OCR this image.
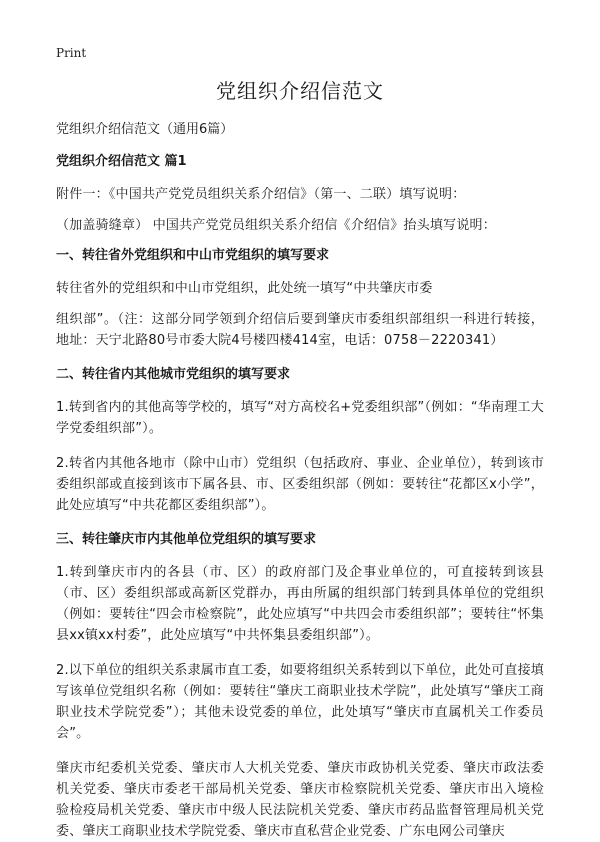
Print
党组织介绍信范文
党组织介绍信范文（通用6篇）
党组织介绍信范文 篇1

附件一：《中国共产党党员组织关系介绍信》（第一、二联）填写说明：

（加盖骑缝章） 中国共产党党员组织关系介绍信《介绍信》抬头填写说明：

一、转往省外党组织和中山市党组织的填写要求

转往省外的党组织和中山市党组织，此处统一填写“中共肇庆市委

组织部”。（注：这部分同学领到介绍信后要到肇庆市委组织部组织一科进行转接，地址：天宁北路80号市委大院4号楼四楼414室，电话：0758－2220341）

二、转往省内其他城市党组织的填写要求

1.转到省内的其他高等学校的，填写“对方高校名+党委组织部”（例如：“华南理工大学党委组织部”）。

2.转省内其他各地市（除中山市）党组织（包括政府、事业、企业单位），转到该市委组织部或直接到该市下属各县、市、区委组织部（例如：要转往“花都区x小学”，此处应填写“中共花都区委组织部”）。

三、转往肇庆市内其他单位党组织的填写要求

1.转到肇庆市内的各县（市、区）的政府部门及企事业单位的，可直接转到该县（市、区）委组织部或高新区党群办，再由所属的组织部门转到具体单位的党组织（例如：要转往“四会市检察院”，此处应填写“中共四会市委组织部”；要转往“怀集县xx镇xx村委”，此处应填写“中共怀集县委组织部”）。

2.以下单位的组织关系隶属市直工委，如要将组织关系转到以下单位，此处可直接填写该单位党组织名称（例如：要转往“肇庆工商职业技术学院”，此处填写“肇庆工商职业技术学院党委”）；其他未设党委的单位，此处填写“肇庆市直属机关工作委员会”。

肇庆市纪委机关党委、肇庆市人大机关党委、肇庆市政协机关党委、肇庆市政法委机关党委、肇庆市委老干部局机关党委、肇庆市检察院机关党委、肇庆市出入境检验检疫局机关党委、肇庆市中级人民法院机关党委、肇庆市药品监督管理局机关党委、肇庆工商职业技术学院党委、肇庆市直私营企业党委、广东电网公司肇庆
